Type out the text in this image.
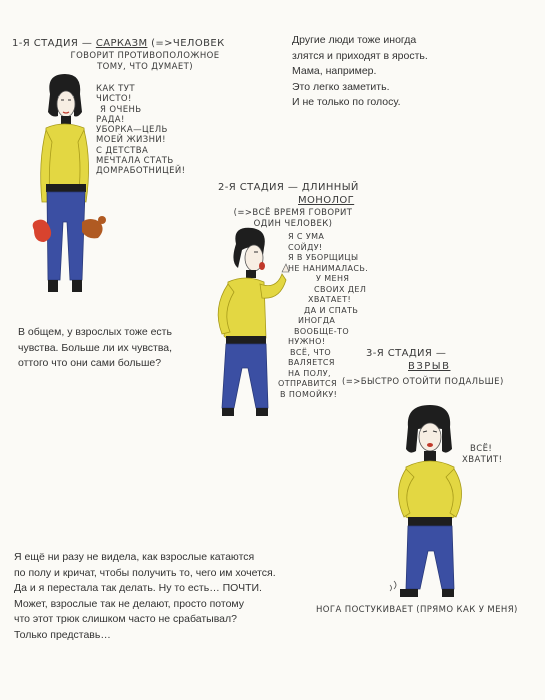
1-Я СТАДИЯ — САРКАЗМ (=>ЧЕЛОВЕК
ГОВОРИТ ПРОТИВОПОЛОЖНОЕ
ТОМУ, ЧТО ДУМАЕТ)
КАК ТУТ
ЧИСТО!
Я ОЧЕНЬ
РАДА!
УБОРКА—ЦЕЛЬ
МОЕЙ ЖИЗНИ!
С ДЕТСТВА
МЕЧТАЛА СТАТЬ
ДОМРАБОТНИЦЕЙ!
Другие люди тоже иногда
злятся и приходят в ярость.
Мама, например.
Это легко заметить.
И не только по голосу.
2-Я СТАДИЯ — ДЛИННЫЙ
МОНОЛОГ
(=>ВСЁ ВРЕМЯ ГОВОРИТ
ОДИН ЧЕЛОВЕК)
Я С УМА
СОЙДУ!
Я В УБОРЩИЦЫ
НЕ НАНИМАЛАСЬ.
У МЕНЯ
СВОИХ ДЕЛ
ХВАТАЕТ!
ДА И СПАТЬ
ИНОГДА
ВООБЩЕ-ТО
НУЖНО!
ВСЁ, ЧТО
ВАЛЯЕТСЯ
НА ПОЛУ,
ОТПРАВИТСЯ
В ПОМОЙКУ!
В общем, у взрослых тоже есть
чувства. Больше ли их чувства,
оттого что они сами больше?
3-Я СТАДИЯ —
ВЗРЫВ
(=>БЫСТРО ОТОЙТИ ПОДАЛЬШЕ)
ВСЁ!
ХВАТИТ!
НОГА ПОСТУКИВАЕТ (ПРЯМО КАК У МЕНЯ)
Я ещё ни разу не видела, как взрослые катаются
по полу и кричат, чтобы получить то, чего им хочется.
Да и я перестала так делать. Ну то есть… ПОЧТИ.
Может, взрослые так не делают, просто потому
что этот трюк слишком часто не срабатывал?
Только представь…
